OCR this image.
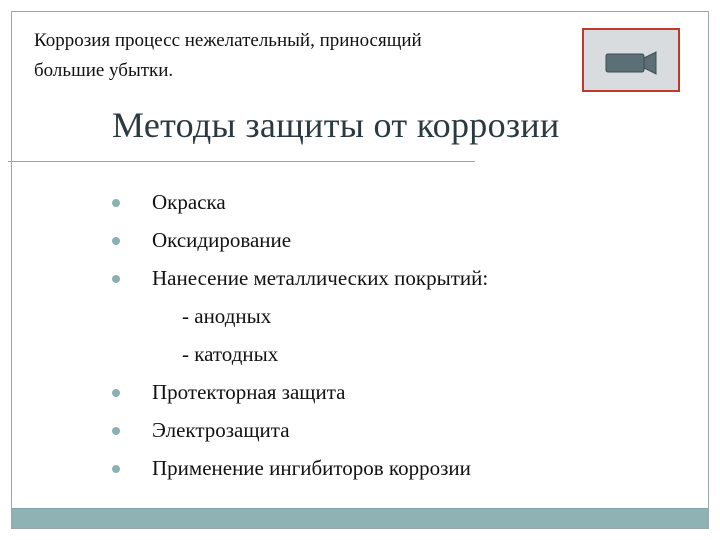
Коррозия процесс нежелательный, приносящий
большие убытки.
Методы защиты от коррозии
Окраска
Оксидирование
Нанесение металлических покрытий:
- анодных
- катодных
Протекторная защита
Электрозащита
Применение ингибиторов коррозии
